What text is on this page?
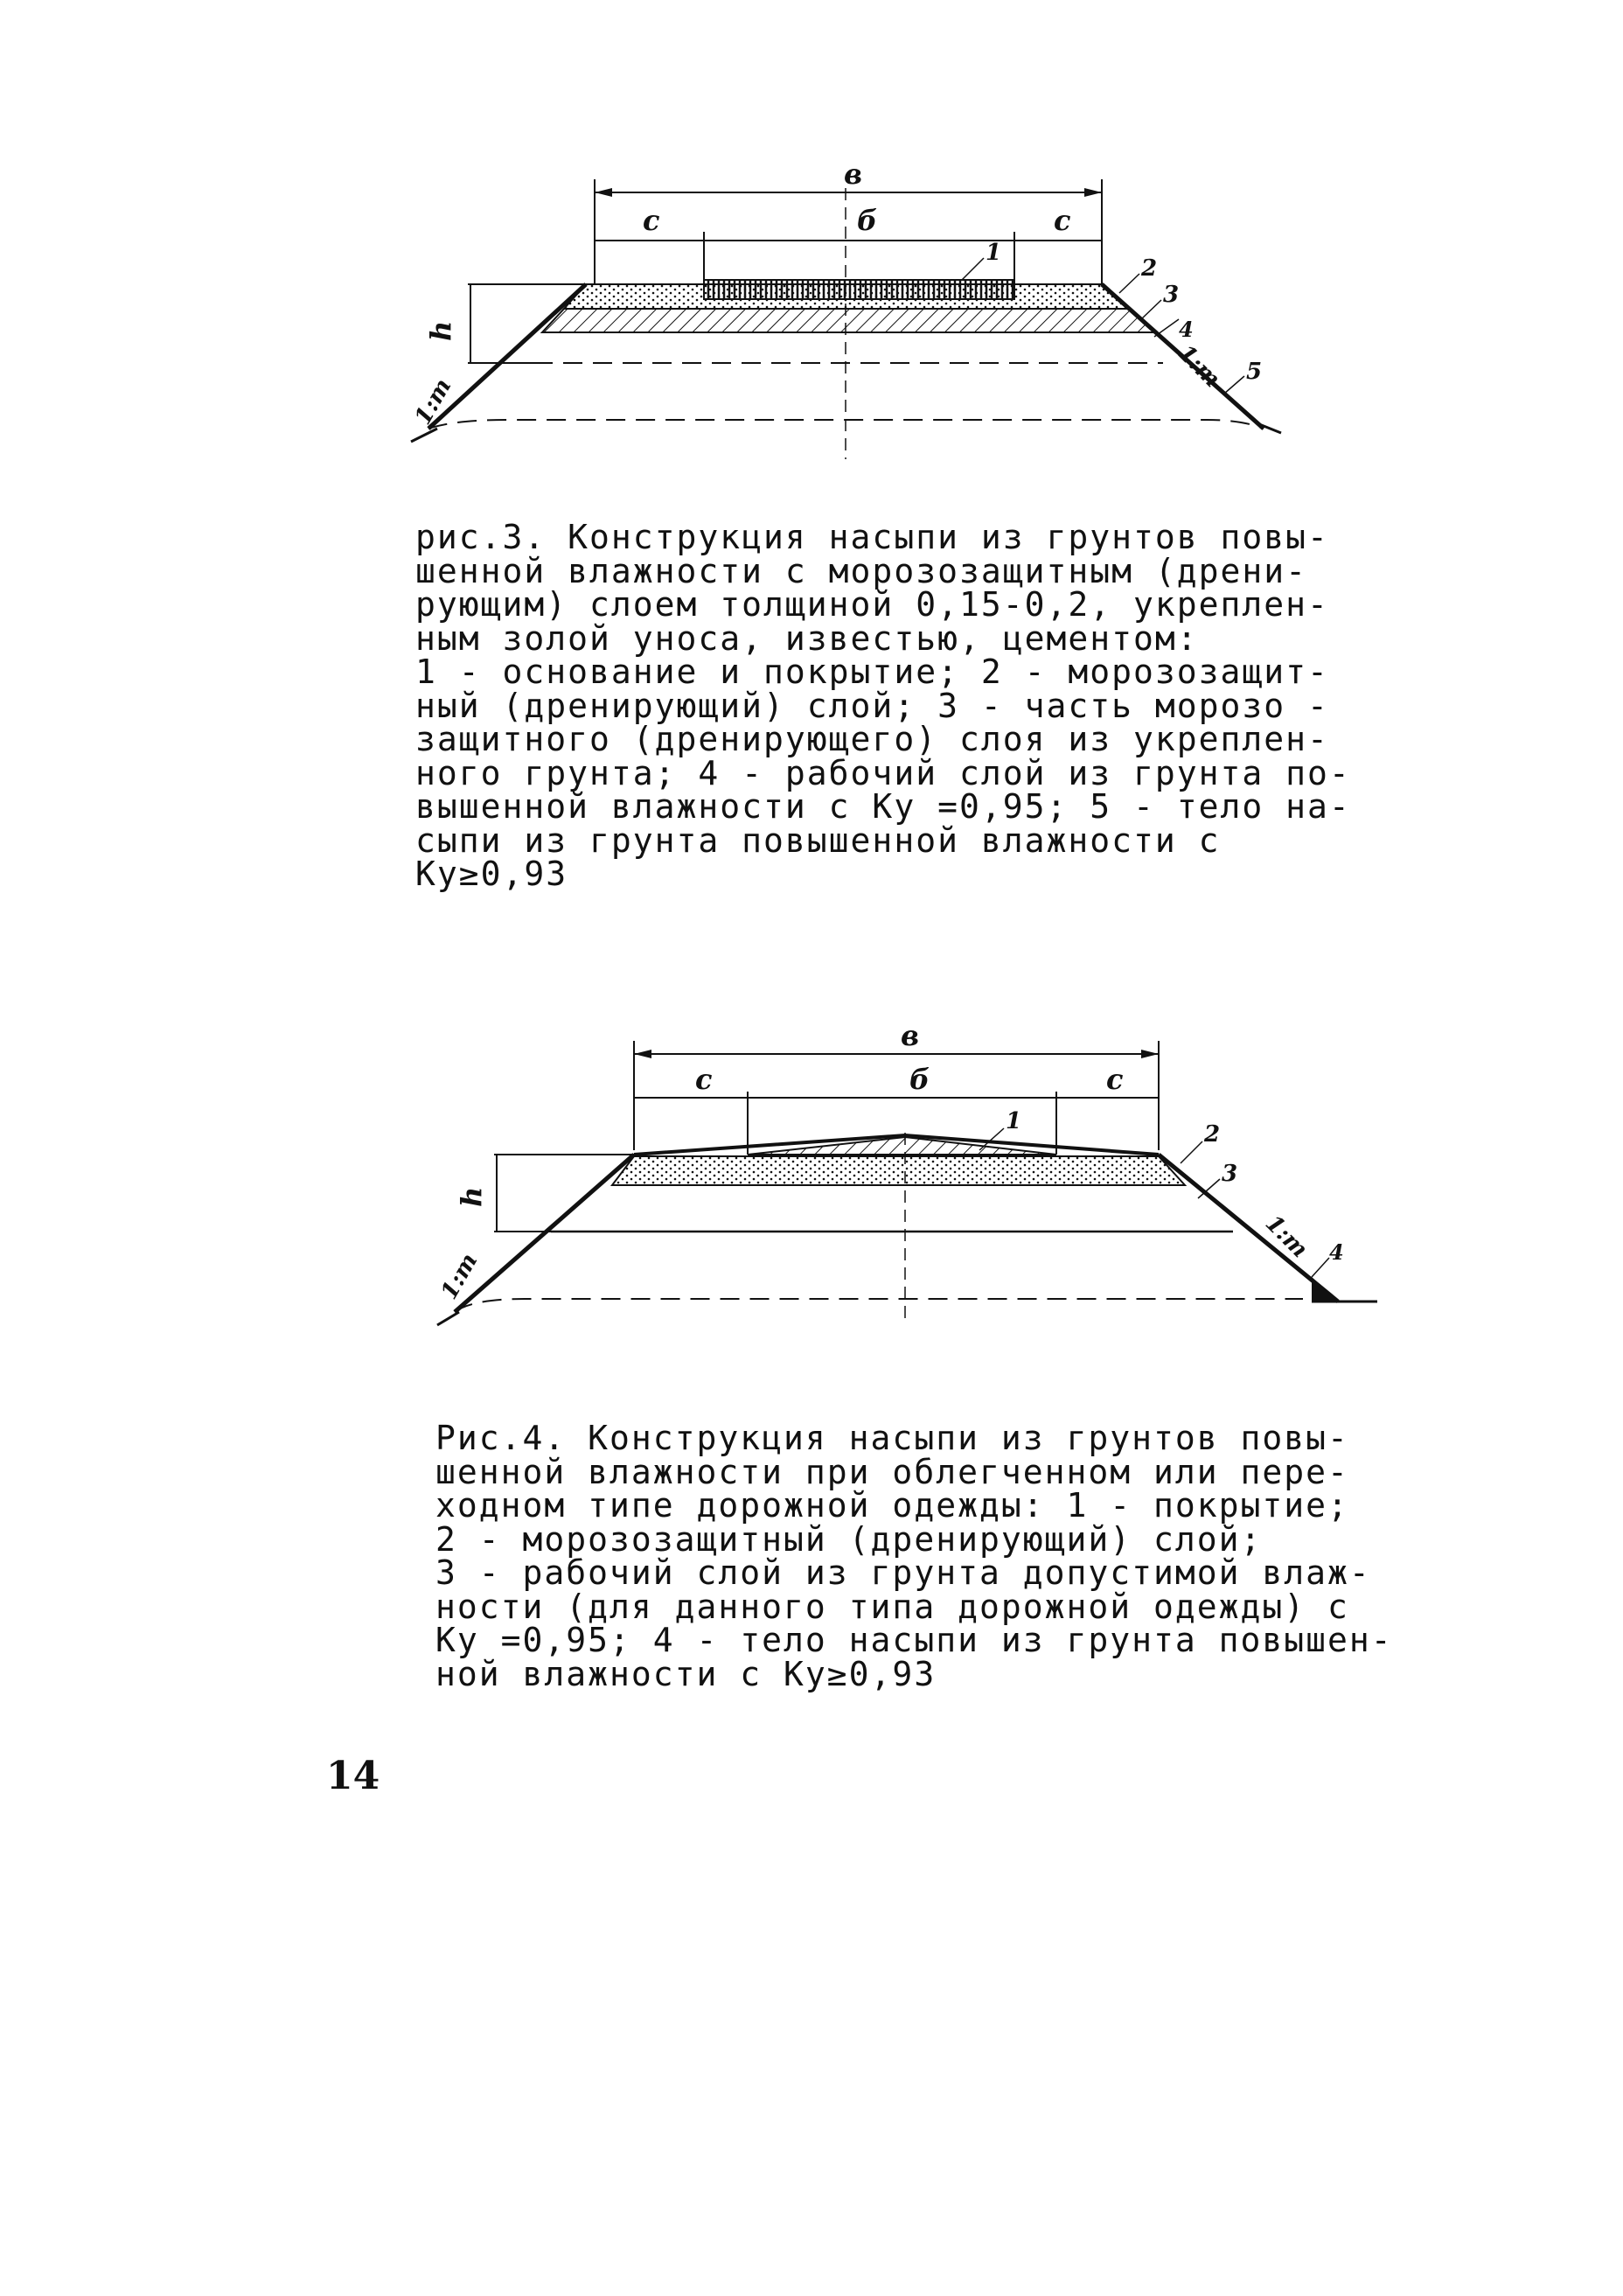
в
с	б	с
h
1:m
1:m
1
2
3
4
5
рис.3. Конструкция насыпи из грунтов повы-
шенной влажности с морозозащитным (дрени-
рующим) слоем толщиной 0,15-0,2, укреплен-
ным золой уноса, известью, цементом:
1 - основание и покрытие; 2 - морозозащит-
ный (дренирующий) слой; 3 - часть морозо -
защитного (дренирующего) слоя из укреплен-
ного грунта; 4 - рабочий слой из грунта по-
вышенной влажности с Ку =0,95; 5 - тело на-
сыпи из грунта повышенной влажности с
Ку≥0,93
в
с	б	с
h
1:m
1:m
1	2
3
4
Рис.4. Конструкция насыпи из грунтов повы-
шенной влажности при облегченном или пере-
ходном типе дорожной одежды: 1 - покрытие;
2 - морозозащитный (дренирующий) слой;
3 - рабочий слой из грунта допустимой влаж-
ности (для данного типа дорожной одежды) с
Ку =0,95; 4 - тело насыпи из грунта повышен-
ной влажности с Ку≥0,93
14
